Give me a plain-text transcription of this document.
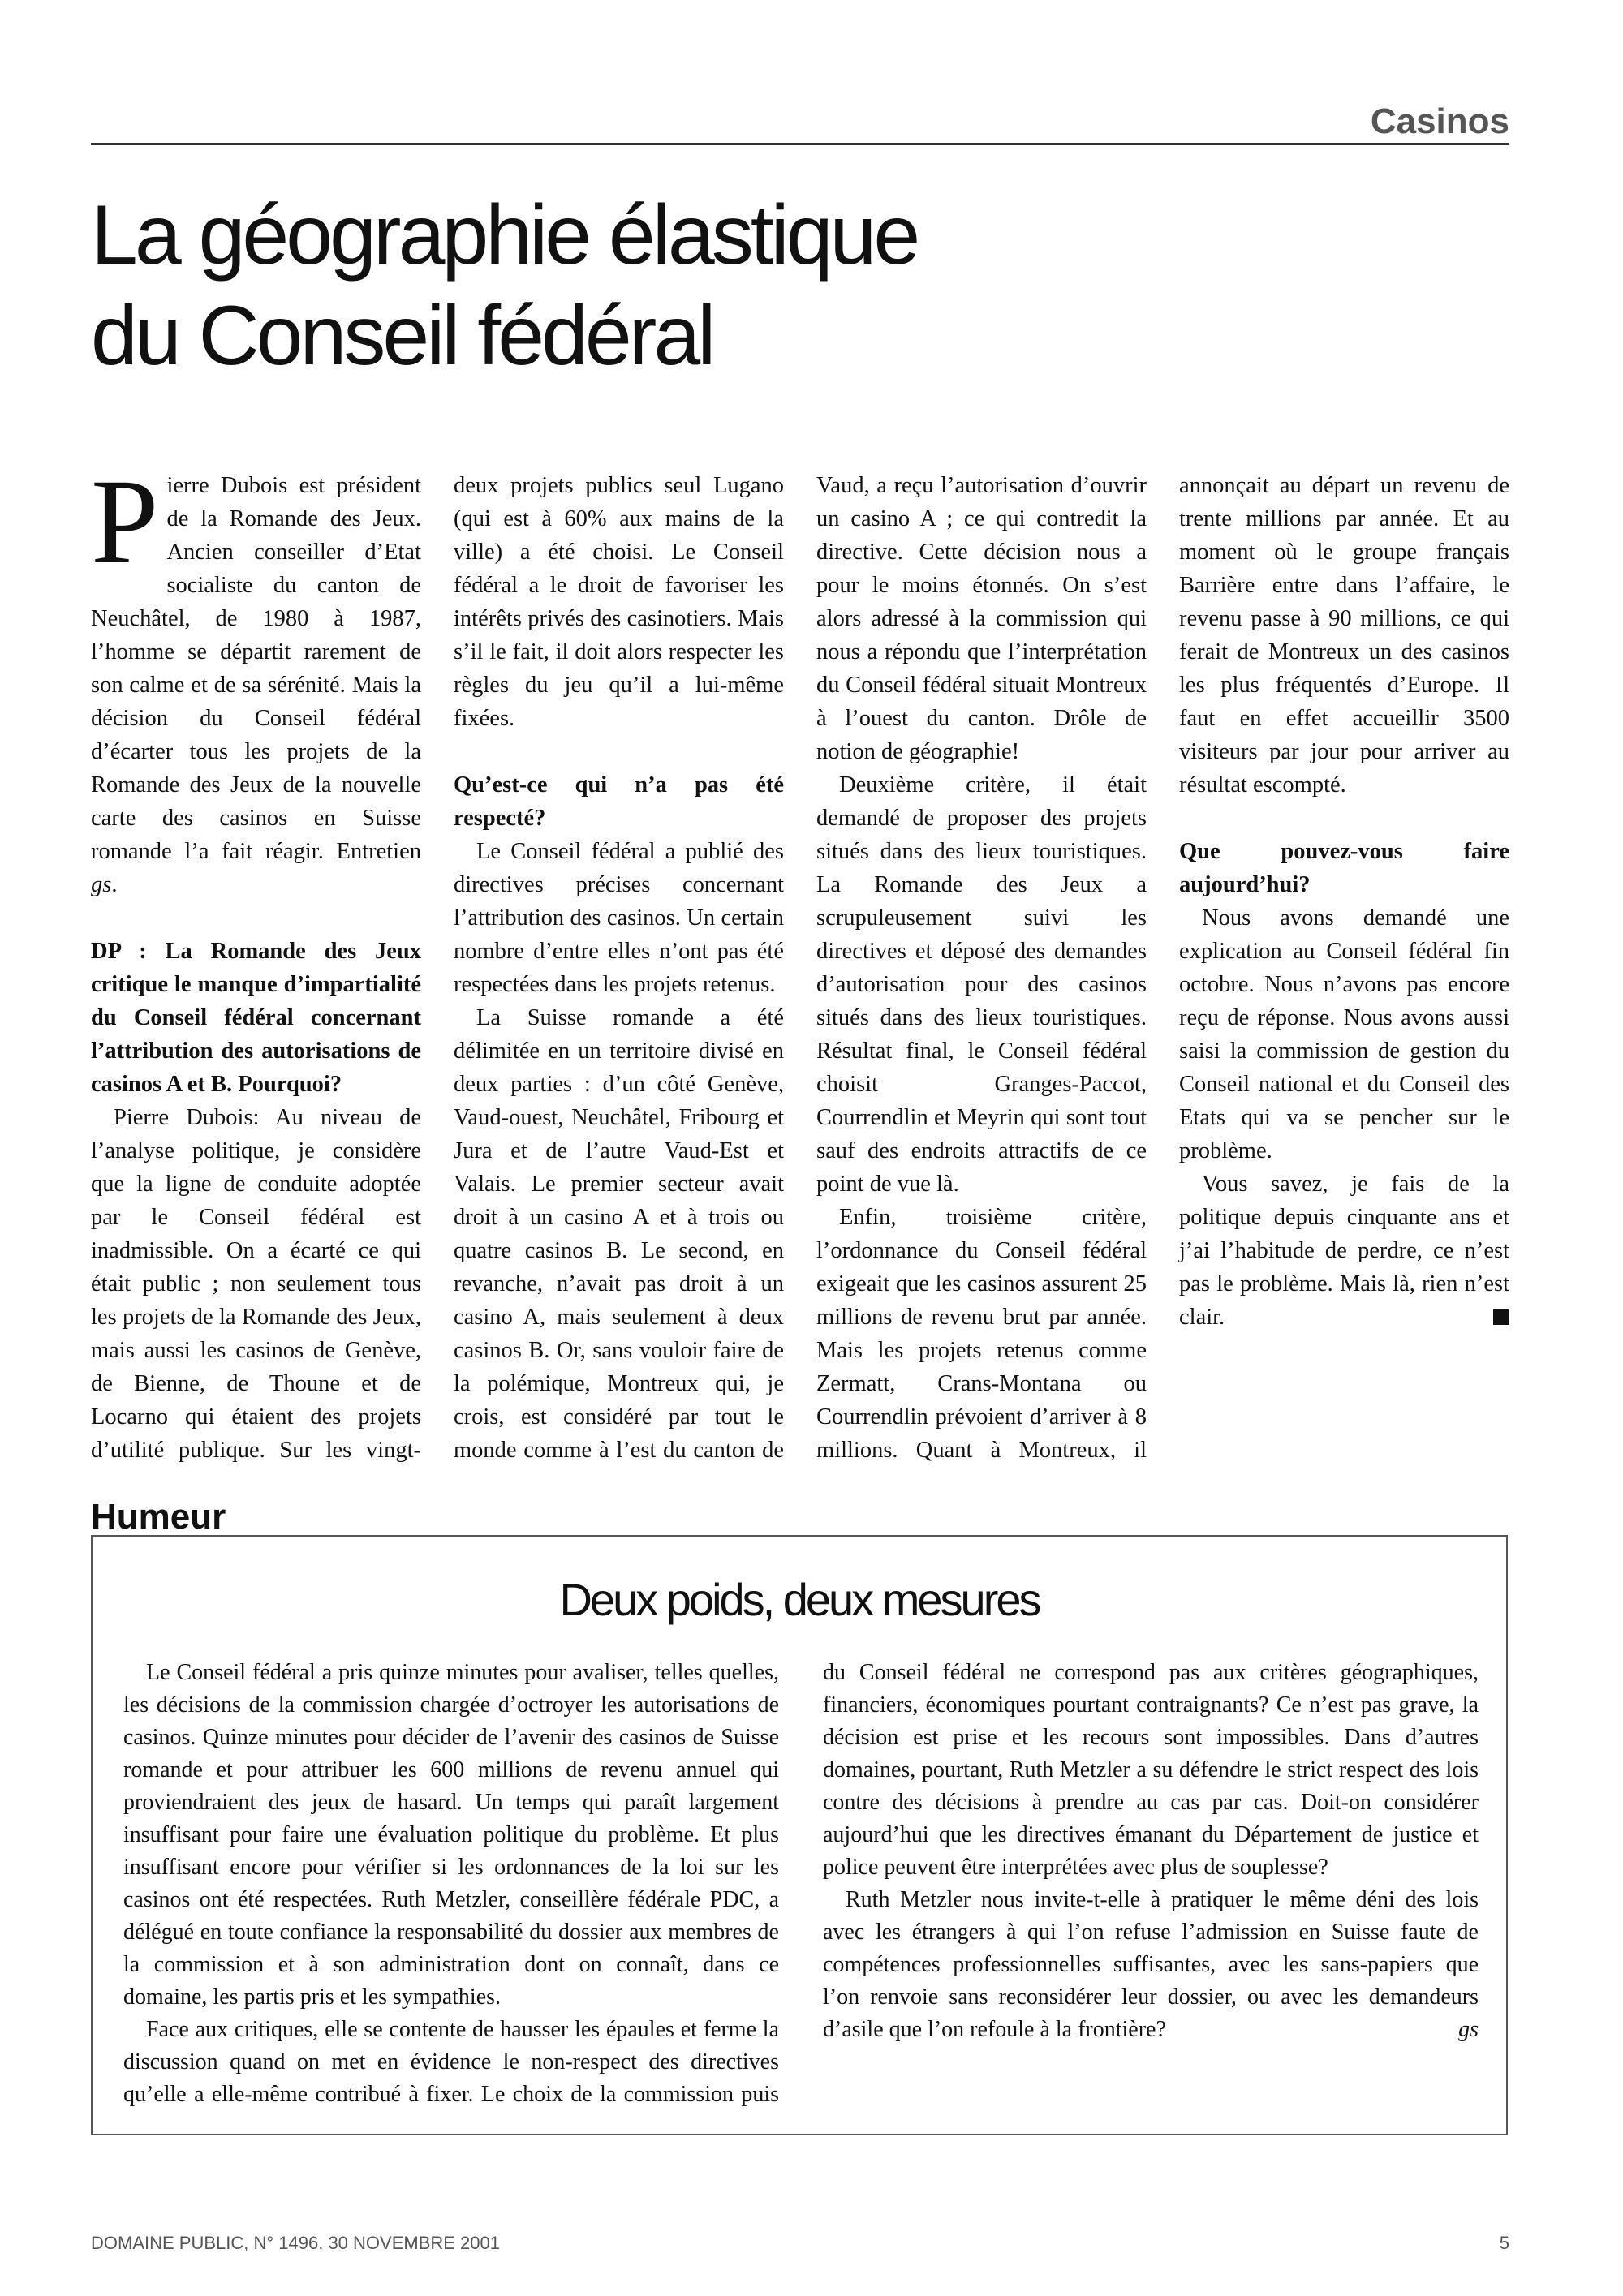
Casinos
La géographie élastique
du Conseil fédéral

Pierre Dubois est président de la Romande des Jeux. Ancien conseiller d’Etat socialiste du canton de Neuchâtel, de 1980 à 1987, l’homme se départit rarement de son calme et de sa sérénité. Mais la décision du Conseil fédéral d’écarter tous les projets de la Romande des Jeux de la nouvelle carte des casinos en Suisse romande l’a fait réagir. Entretien gs.

DP : La Romande des Jeux critique le manque d’impartialité du Conseil fédéral concernant l’attribution des autorisations de casinos A et B. Pourquoi?

Pierre Dubois: Au niveau de l’analyse politique, je considère que la ligne de conduite adoptée par le Conseil fédéral est inadmissible. On a écarté ce qui était public ; non seulement tous les projets de la Romande des Jeux, mais aussi les casinos de Genève, de Bienne, de Thoune et de Locarno qui étaient des projets d’utilité publique. Sur les vingt-deux projets publics seul Lugano (qui est à 60% aux mains de la ville) a été choisi. Le Conseil fédéral a le droit de favoriser les intérêts privés des casinotiers. Mais s’il le fait, il doit alors respecter les règles du jeu qu’il a lui-même fixées.

Qu’est-ce qui n’a pas été respecté?

Le Conseil fédéral a publié des directives précises concernant l’attribution des casinos. Un certain nombre d’entre elles n’ont pas été respectées dans les projets retenus.

La Suisse romande a été délimitée en un territoire divisé en deux parties : d’un côté Genève, Vaud-ouest, Neuchâtel, Fribourg et Jura et de l’autre Vaud-Est et Valais. Le premier secteur avait droit à un casino A et à trois ou quatre casinos B. Le second, en revanche, n’avait pas droit à un casino A, mais seulement à deux casinos B. Or, sans vouloir faire de la polémique, Montreux qui, je crois, est considéré par tout le monde comme à l’est du canton de Vaud, a reçu l’autorisation d’ouvrir un casino A ; ce qui contredit la directive. Cette décision nous a pour le moins étonnés. On s’est alors adressé à la commission qui nous a répondu que l’interprétation du Conseil fédéral situait Montreux à l’ouest du canton. Drôle de notion de géographie!

Deuxième critère, il était demandé de proposer des projets situés dans des lieux touristiques. La Romande des Jeux a scrupuleusement suivi les directives et déposé des demandes d’autorisation pour des casinos situés dans des lieux touristiques. Résultat final, le Conseil fédéral choisit Granges-Paccot, Courrendlin et Meyrin qui sont tout sauf des endroits attractifs de ce point de vue là.

Enfin, troisième critère, l’ordonnance du Conseil fédéral exigeait que les casinos assurent 25 millions de revenu brut par année. Mais les projets retenus comme Zermatt, Crans-Montana ou Courrendlin prévoient d’arriver à 8 millions. Quant à Montreux, il annonçait au départ un revenu de trente millions par année. Et au moment où le groupe français Barrière entre dans l’affaire, le revenu passe à 90 millions, ce qui ferait de Montreux un des casinos les plus fréquentés d’Europe. Il faut en effet accueillir 3500 visiteurs par jour pour arriver au résultat escompté.

Que pouvez-vous faire aujourd’hui?

Nous avons demandé une explication au Conseil fédéral fin octobre. Nous n’avons pas encore reçu de réponse. Nous avons aussi saisi la commission de gestion du Conseil national et du Conseil des Etats qui va se pencher sur le problème.

Vous savez, je fais de la politique depuis cinquante ans et j’ai l’habitude de perdre, ce n’est pas le problème. Mais là, rien n’est clair.

Humeur
Deux poids, deux mesures

Le Conseil fédéral a pris quinze minutes pour avaliser, telles quelles, les décisions de la commission chargée d’octroyer les autorisations de casinos. Quinze minutes pour décider de l’avenir des casinos de Suisse romande et pour attribuer les 600 millions de revenu annuel qui proviendraient des jeux de hasard. Un temps qui paraît largement insuffisant pour faire une évaluation politique du problème. Et plus insuffisant encore pour vérifier si les ordonnances de la loi sur les casinos ont été respectées. Ruth Metzler, conseillère fédérale PDC, a délégué en toute confiance la responsabilité du dossier aux membres de la commission et à son administration dont on connaît, dans ce domaine, les partis pris et les sympathies.

Face aux critiques, elle se contente de hausser les épaules et ferme la discussion quand on met en évidence le non-respect des directives qu’elle a elle-même contribué à fixer. Le choix de la commission puis du Conseil fédéral ne correspond pas aux critères géographiques, financiers, économiques pourtant contraignants? Ce n’est pas grave, la décision est prise et les recours sont impossibles. Dans d’autres domaines, pourtant, Ruth Metzler a su défendre le strict respect des lois contre des décisions à prendre au cas par cas. Doit-on considérer aujourd’hui que les directives émanant du Département de justice et police peuvent être interprétées avec plus de souplesse?

Ruth Metzler nous invite-t-elle à pratiquer le même déni des lois avec les étrangers à qui l’on refuse l’admission en Suisse faute de compétences professionnelles suffisantes, avec les sans-papiers que l’on renvoie sans reconsidérer leur dossier, ou avec les demandeurs d’asile que l’on refoule à la frontière?	gs

DOMAINE PUBLIC, N° 1496, 30 NOVEMBRE 2001	5
